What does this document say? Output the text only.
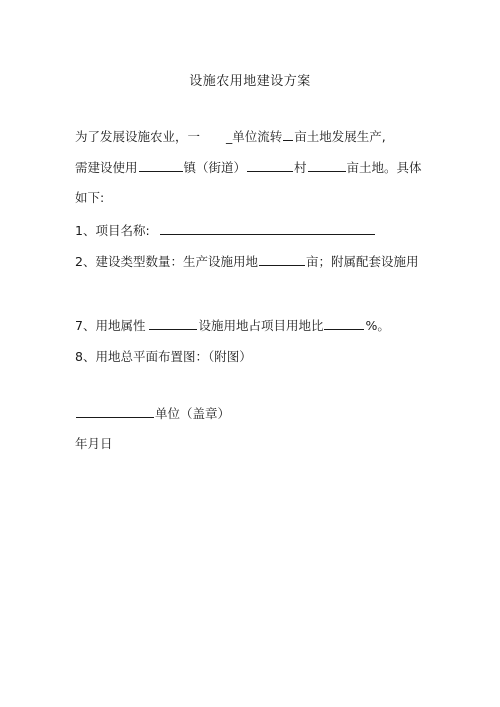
设施农用地建设方案
为了发展设施农业，一 _单位流转 亩土地发展生产,
需建设使用	镇（街道）	村	亩土地。具体
如下:
1、项目名称:
2、建设类型数量：生产设施用地	亩；附属配套设施用
7、用地属性	设施用地占项目用地比	%。
8、用地总平面布置图：（附图）
单位（盖章）
年月日
